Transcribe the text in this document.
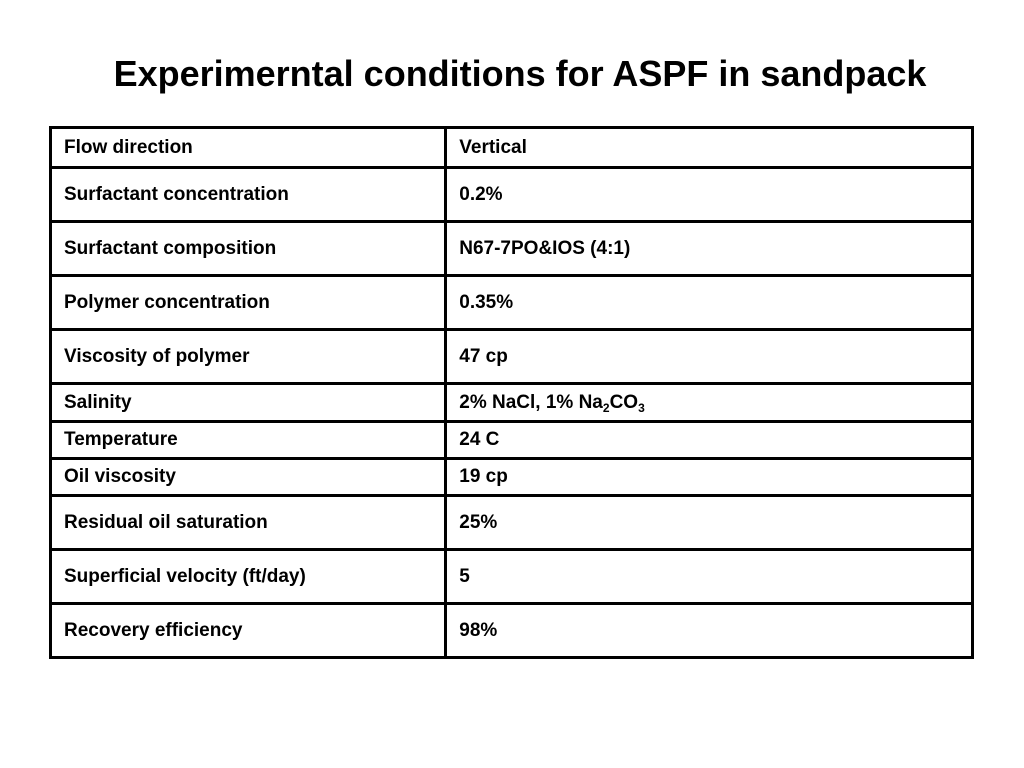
Experimerntal conditions for ASPF in sandpack
Flow direction	Vertical
Surfactant concentration	0.2%
Surfactant composition	N67-7PO&IOS (4:1)
Polymer concentration	0.35%
Viscosity of polymer	47 cp
Salinity	2% NaCl, 1% $Na_2CO_3$
Temperature	24 C
Oil viscosity	19 cp
Residual oil saturation	25%
Superficial velocity (ft/day)	5
Recovery efficiency	98%
